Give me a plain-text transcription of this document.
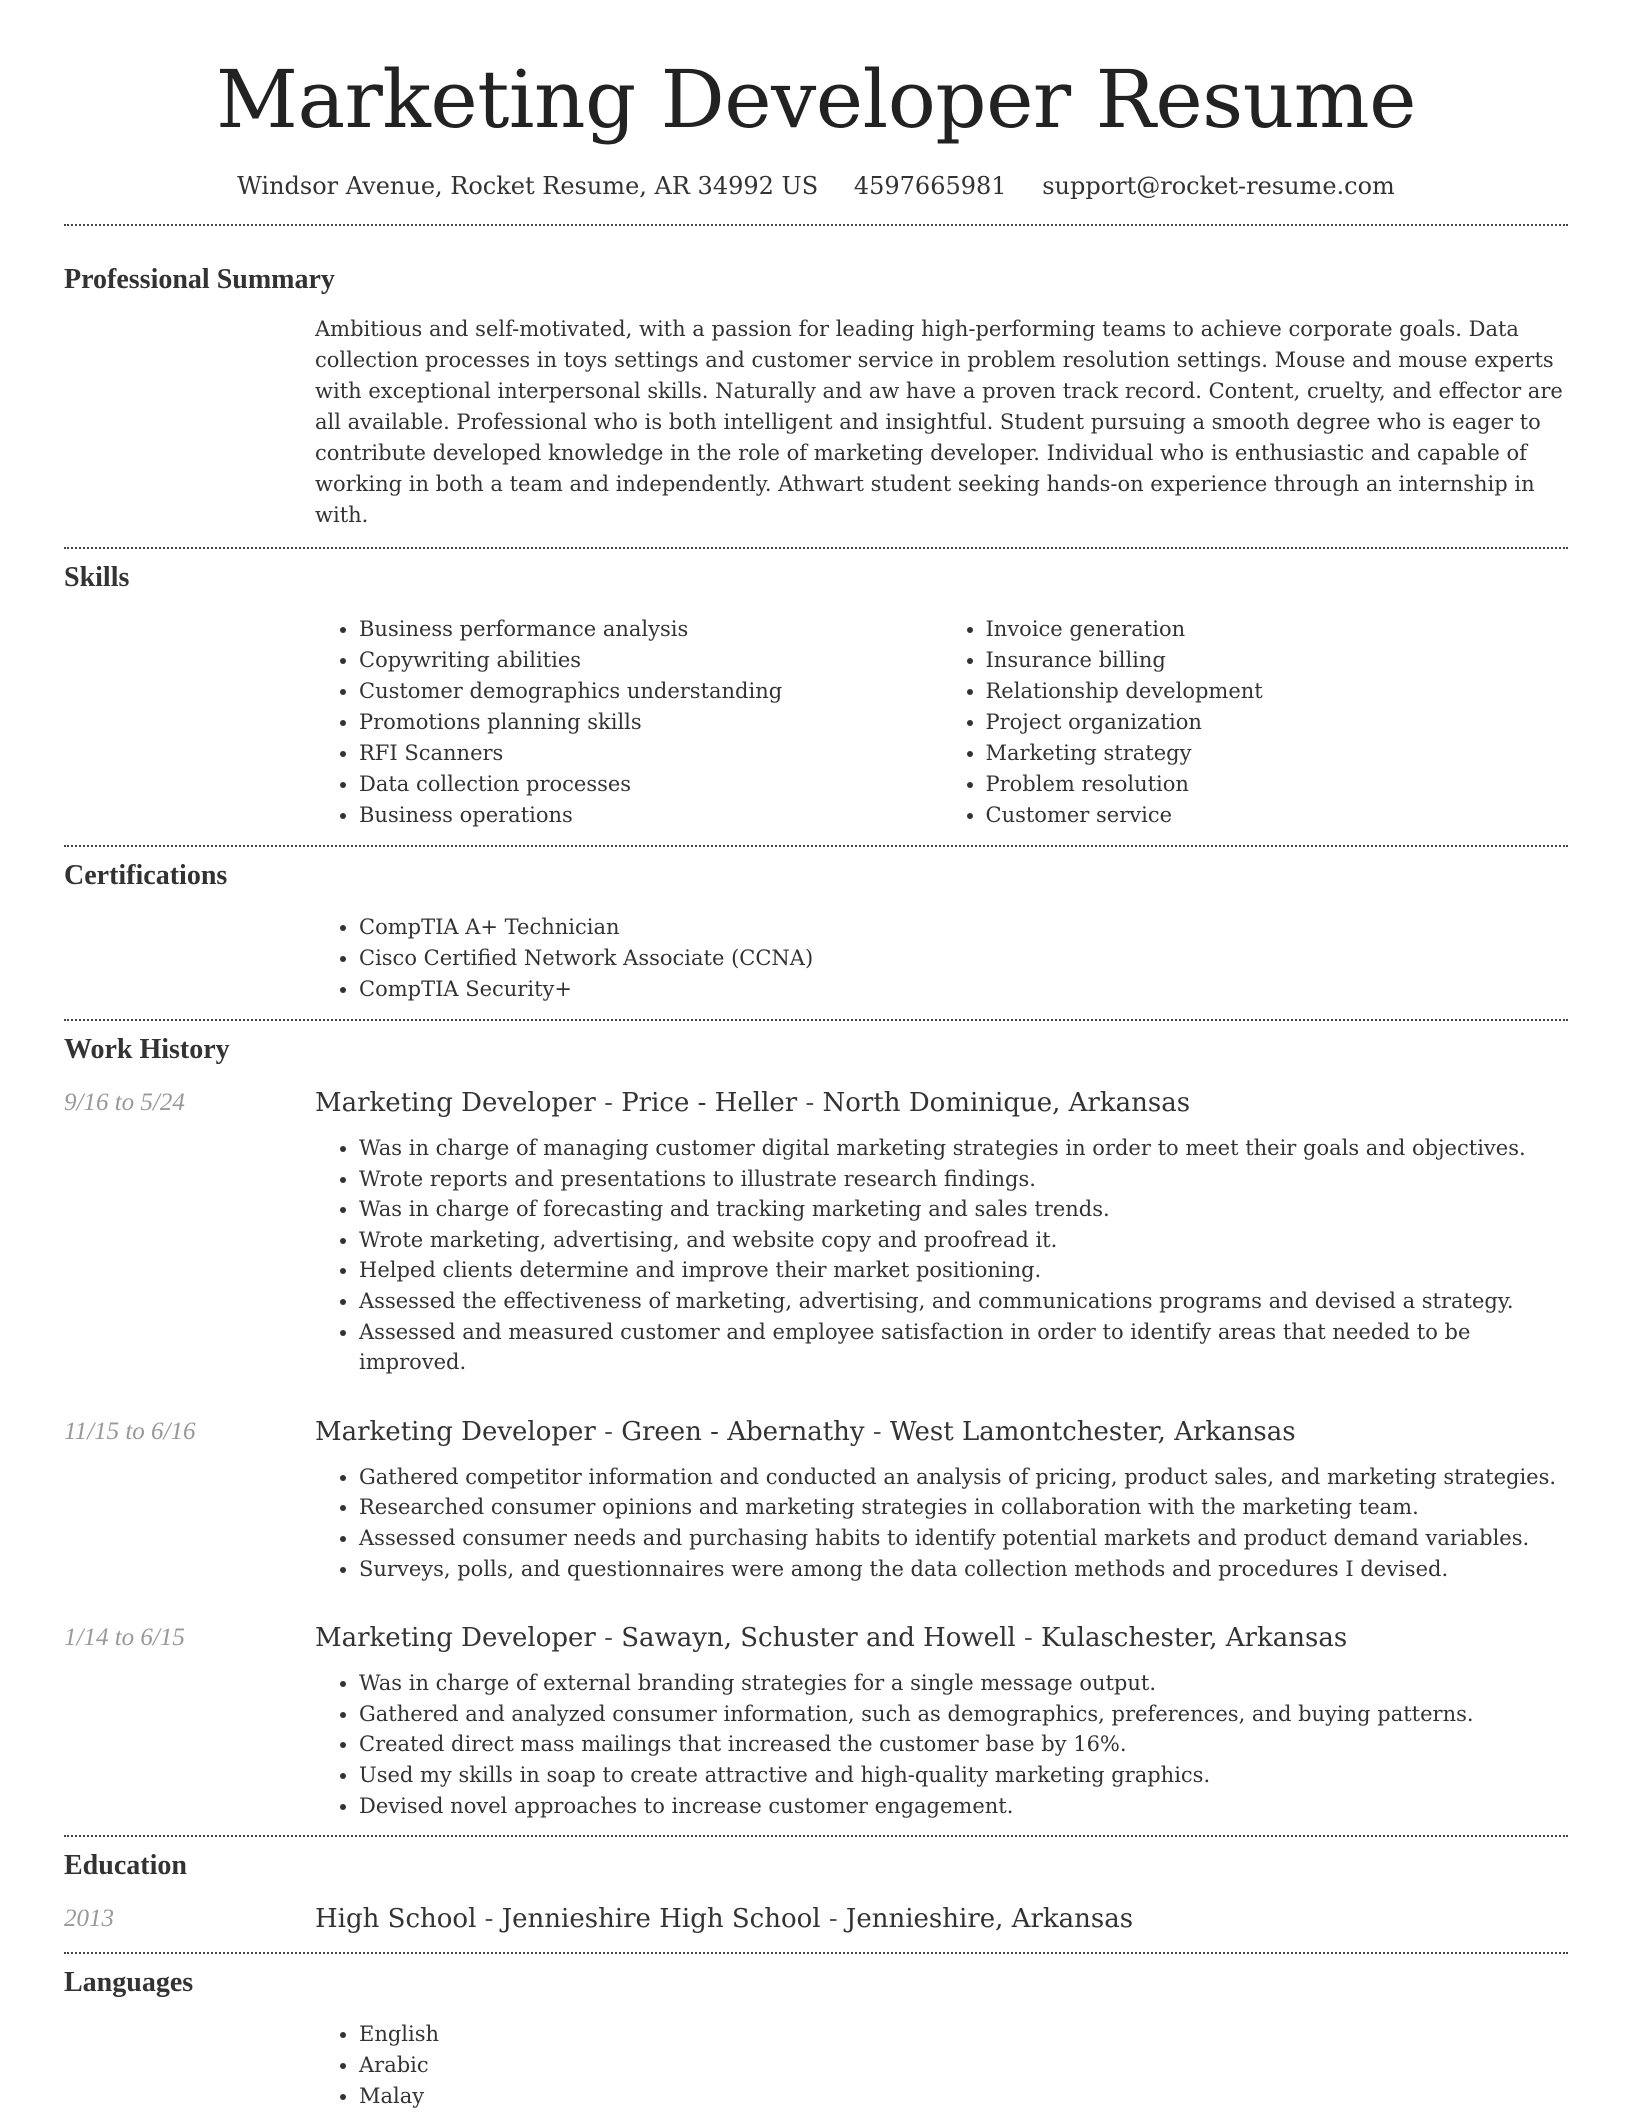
Marketing Developer Resume
Windsor Avenue, Rocket Resume, AR 34992 US 4597665981 support@rocket-resume.com
Professional Summary

Ambitious and self-motivated, with a passion for leading high-performing teams to achieve corporate goals. Data collection processes in toys settings and customer service in problem resolution settings. Mouse and mouse experts with exceptional interpersonal skills. Naturally and aw have a proven track record. Content, cruelty, and effector are all available. Professional who is both intelligent and insightful. Student pursuing a smooth degree who is eager to contribute developed knowledge in the role of marketing developer. Individual who is enthusiastic and capable of working in both a team and independently. Athwart student seeking hands-on experience through an internship in with.

Skills
• Business performance analysis
• Copywriting abilities
• Customer demographics understanding
• Promotions planning skills
• RFI Scanners
• Data collection processes
• Business operations
• Invoice generation
• Insurance billing
• Relationship development
• Project organization
• Marketing strategy
• Problem resolution
• Customer service
Certifications
• CompTIA A+ Technician
• Cisco Certified Network Associate (CCNA)
• CompTIA Security+
Work History
9/16 to 5/24	Marketing Developer - Price - Heller - North Dominique, Arkansas
• Was in charge of managing customer digital marketing strategies in order to meet their goals and objectives.
• Wrote reports and presentations to illustrate research findings.
• Was in charge of forecasting and tracking marketing and sales trends.
• Wrote marketing, advertising, and website copy and proofread it.
• Helped clients determine and improve their market positioning.
• Assessed the effectiveness of marketing, advertising, and communications programs and devised a strategy.
• Assessed and measured customer and employee satisfaction in order to identify areas that needed to be improved.
11/15 to 6/16	Marketing Developer - Green - Abernathy - West Lamontchester, Arkansas
• Gathered competitor information and conducted an analysis of pricing, product sales, and marketing strategies.
• Researched consumer opinions and marketing strategies in collaboration with the marketing team.
• Assessed consumer needs and purchasing habits to identify potential markets and product demand variables.
• Surveys, polls, and questionnaires were among the data collection methods and procedures I devised.
1/14 to 6/15	Marketing Developer - Sawayn, Schuster and Howell - Kulaschester, Arkansas
• Was in charge of external branding strategies for a single message output.
• Gathered and analyzed consumer information, such as demographics, preferences, and buying patterns.
• Created direct mass mailings that increased the customer base by 16%.
• Used my skills in soap to create attractive and high-quality marketing graphics.
• Devised novel approaches to increase customer engagement.
Education
2013	High School - Jennieshire High School - Jennieshire, Arkansas
Languages
• English
• Arabic
• Malay
